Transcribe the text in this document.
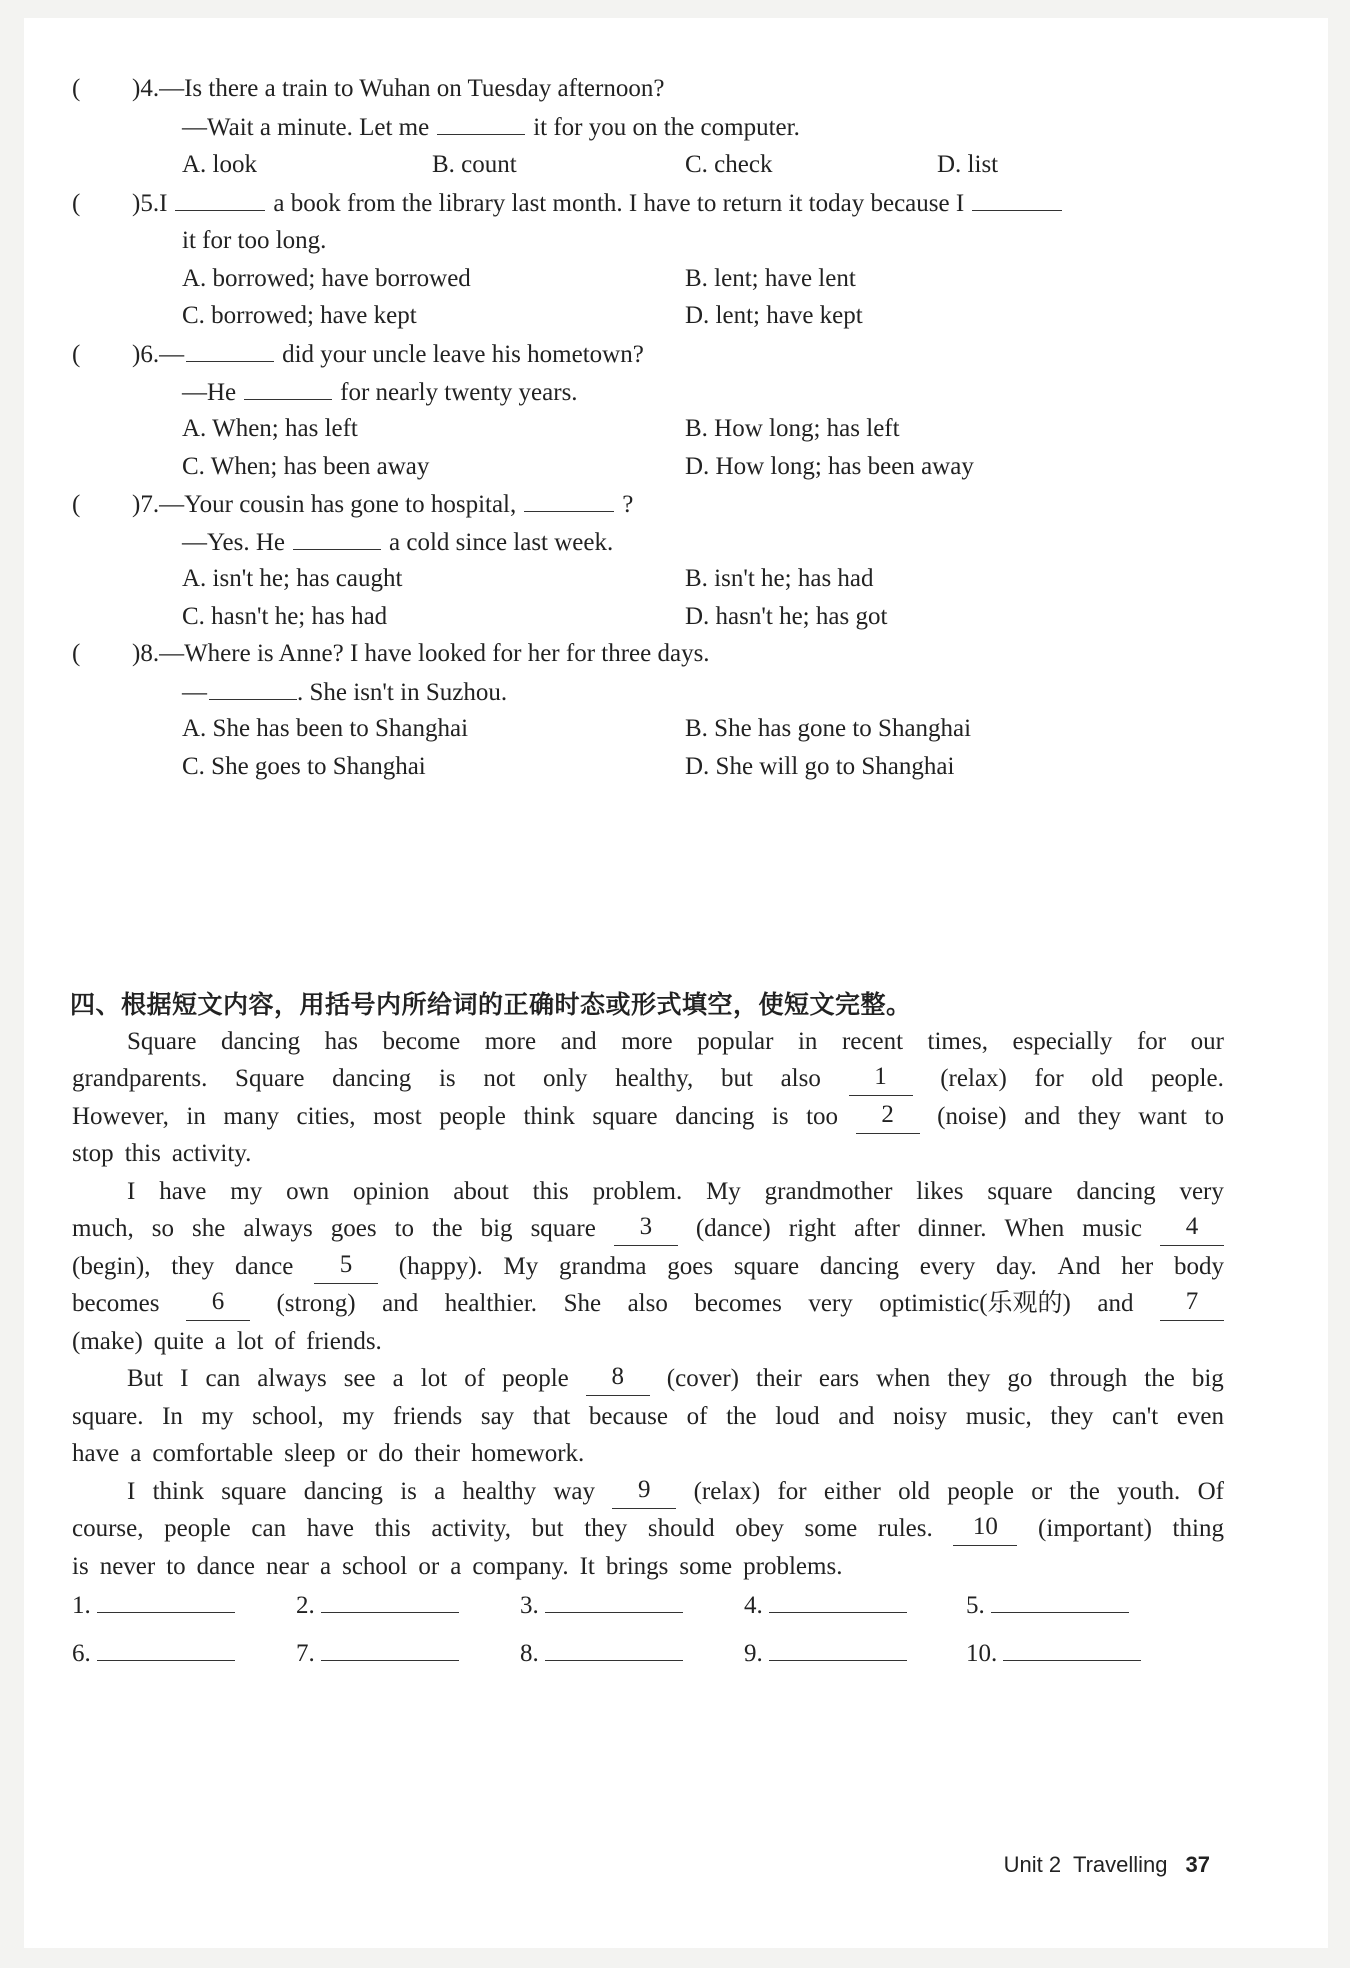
( )4.—Is there a train to Wuhan on Tuesday afternoon?
—Wait a minute. Let me	it for you on the computer.
A. look	B. count	C. check	D. list
( )5.I	a book from the library last month. I have to return it today because I
it for too long.
A. borrowed; have borrowed	B. lent; have lent
C. borrowed; have kept	D. lent; have kept
( )6.—	did your uncle leave his hometown?
—He	for nearly twenty years.
A. When; has left	B. How long; has left
C. When; has been away	D. How long; has been away
( )7.—Your cousin has gone to hospital,	?
—Yes. He	a cold since last week.
A. isn't he; has caught	B. isn't he; has had
C. hasn't he; has had	D. hasn't he; has got
( )8.—Where is Anne? I have looked for her for three days.
—	. She isn't in Suzhou.
A. She has been to Shanghai	B. She has gone to Shanghai
C. She goes to Shanghai	D. She will go to Shanghai
四、根据短文内容，用括号内所给词的正确时态或形式填空，使短文完整。
Square dancing has become more and more popular in recent times, especially for our
grandparents. Square dancing is not only healthy, but also	1	(relax) for old people.
However, in many cities, most people think square dancing is too	2	(noise) and they want to
stop this activity.
I have my own opinion about this problem. My grandmother likes square dancing very
much, so she always goes to the big square	3	(dance) right after dinner. When music	4
(begin), they dance	5	(happy). My grandma goes square dancing every day. And her body
becomes	6	(strong) and healthier. She also becomes very optimistic(乐观的) and	7
(make) quite a lot of friends.
But I can always see a lot of people	8	(cover) their ears when they go through the big
square. In my school, my friends say that because of the loud and noisy music, they can't even
have a comfortable sleep or do their homework.
I think square dancing is a healthy way	9	(relax) for either old people or the youth. Of
course, people can have this activity, but they should obey some rules.	10	(important) thing
is never to dance near a school or a company. It brings some problems.
1.	2.	3.	4.	5.
6.	7.	8.	9.	10.
Unit 2  Travelling 37
